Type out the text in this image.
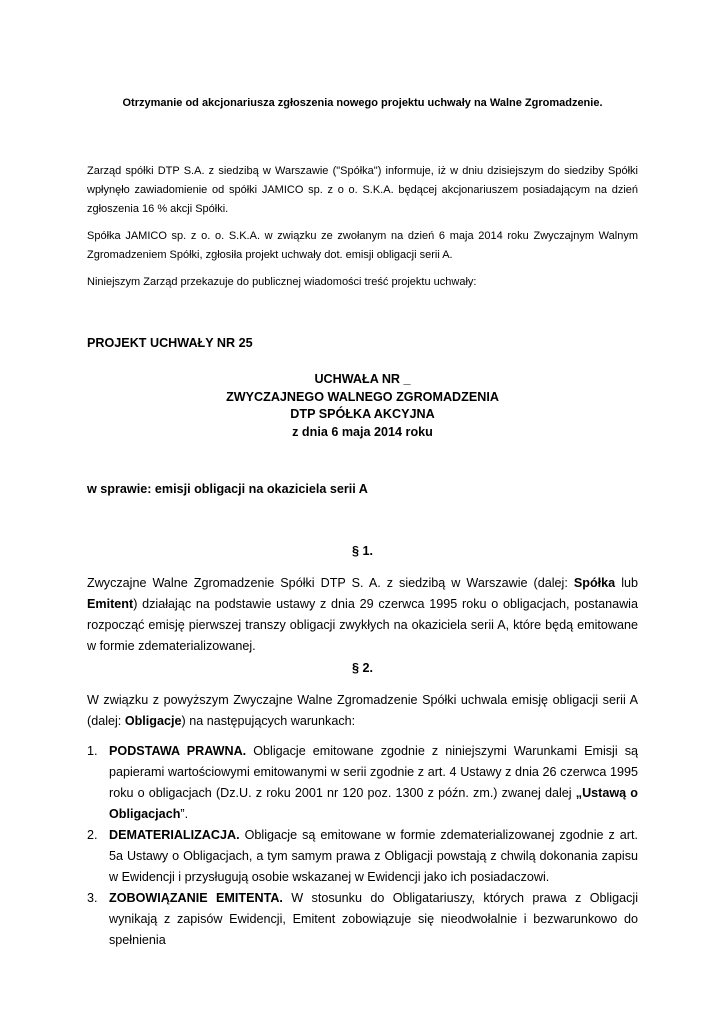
Otrzymanie od akcjonariusza zgłoszenia nowego projektu uchwały na Walne Zgromadzenie.
Zarząd spółki DTP S.A. z siedzibą w Warszawie ("Spółka") informuje, iż w dniu dzisiejszym do siedziby Spółki wpłynęło zawiadomienie od spółki JAMICO sp. z o o. S.K.A. będącej akcjonariuszem posiadającym na dzień zgłoszenia 16 % akcji Spółki.
Spółka JAMICO sp. z o. o. S.K.A. w związku ze zwołanym na dzień 6 maja 2014 roku Zwyczajnym Walnym Zgromadzeniem Spółki, zgłosiła projekt uchwały dot. emisji obligacji serii A.
Niniejszym Zarząd przekazuje do publicznej wiadomości treść projektu uchwały:
PROJEKT UCHWAŁY NR 25
UCHWAŁA NR _
ZWYCZAJNEGO WALNEGO ZGROMADZENIA
DTP SPÓŁKA AKCYJNA
z dnia 6 maja 2014 roku
w sprawie: emisji obligacji na okaziciela serii A
§ 1.
Zwyczajne Walne Zgromadzenie Spółki DTP S. A. z siedzibą w Warszawie (dalej: Spółka lub Emitent) działając na podstawie ustawy z dnia 29 czerwca 1995 roku o obligacjach, postanawia rozpocząć emisję pierwszej transzy obligacji zwykłych na okaziciela serii A, które będą emitowane w formie zdematerializowanej.
§ 2.
W związku z powyższym Zwyczajne Walne Zgromadzenie Spółki uchwala emisję obligacji serii A (dalej: Obligacje) na następujących warunkach:
1. PODSTAWA PRAWNA. Obligacje emitowane zgodnie z niniejszymi Warunkami Emisji są papierami wartościowymi emitowanymi w serii zgodnie z art. 4 Ustawy z dnia 26 czerwca 1995 roku o obligacjach (Dz.U. z roku 2001 nr 120 poz. 1300 z późn. zm.) zwanej dalej „Ustawą o Obligacjach”.
2. DEMATERIALIZACJA. Obligacje są emitowane w formie zdematerializowanej zgodnie z art. 5a Ustawy o Obligacjach, a tym samym prawa z Obligacji powstają z chwilą dokonania zapisu w Ewidencji i przysługują osobie wskazanej w Ewidencji jako ich posiadaczowi.
3. ZOBOWIĄZANIE EMITENTA. W stosunku do Obligatariuszy, których prawa z Obligacji wynikają z zapisów Ewidencji, Emitent zobowiązuje się nieodwołalnie i bezwarunkowo do spełnienia
